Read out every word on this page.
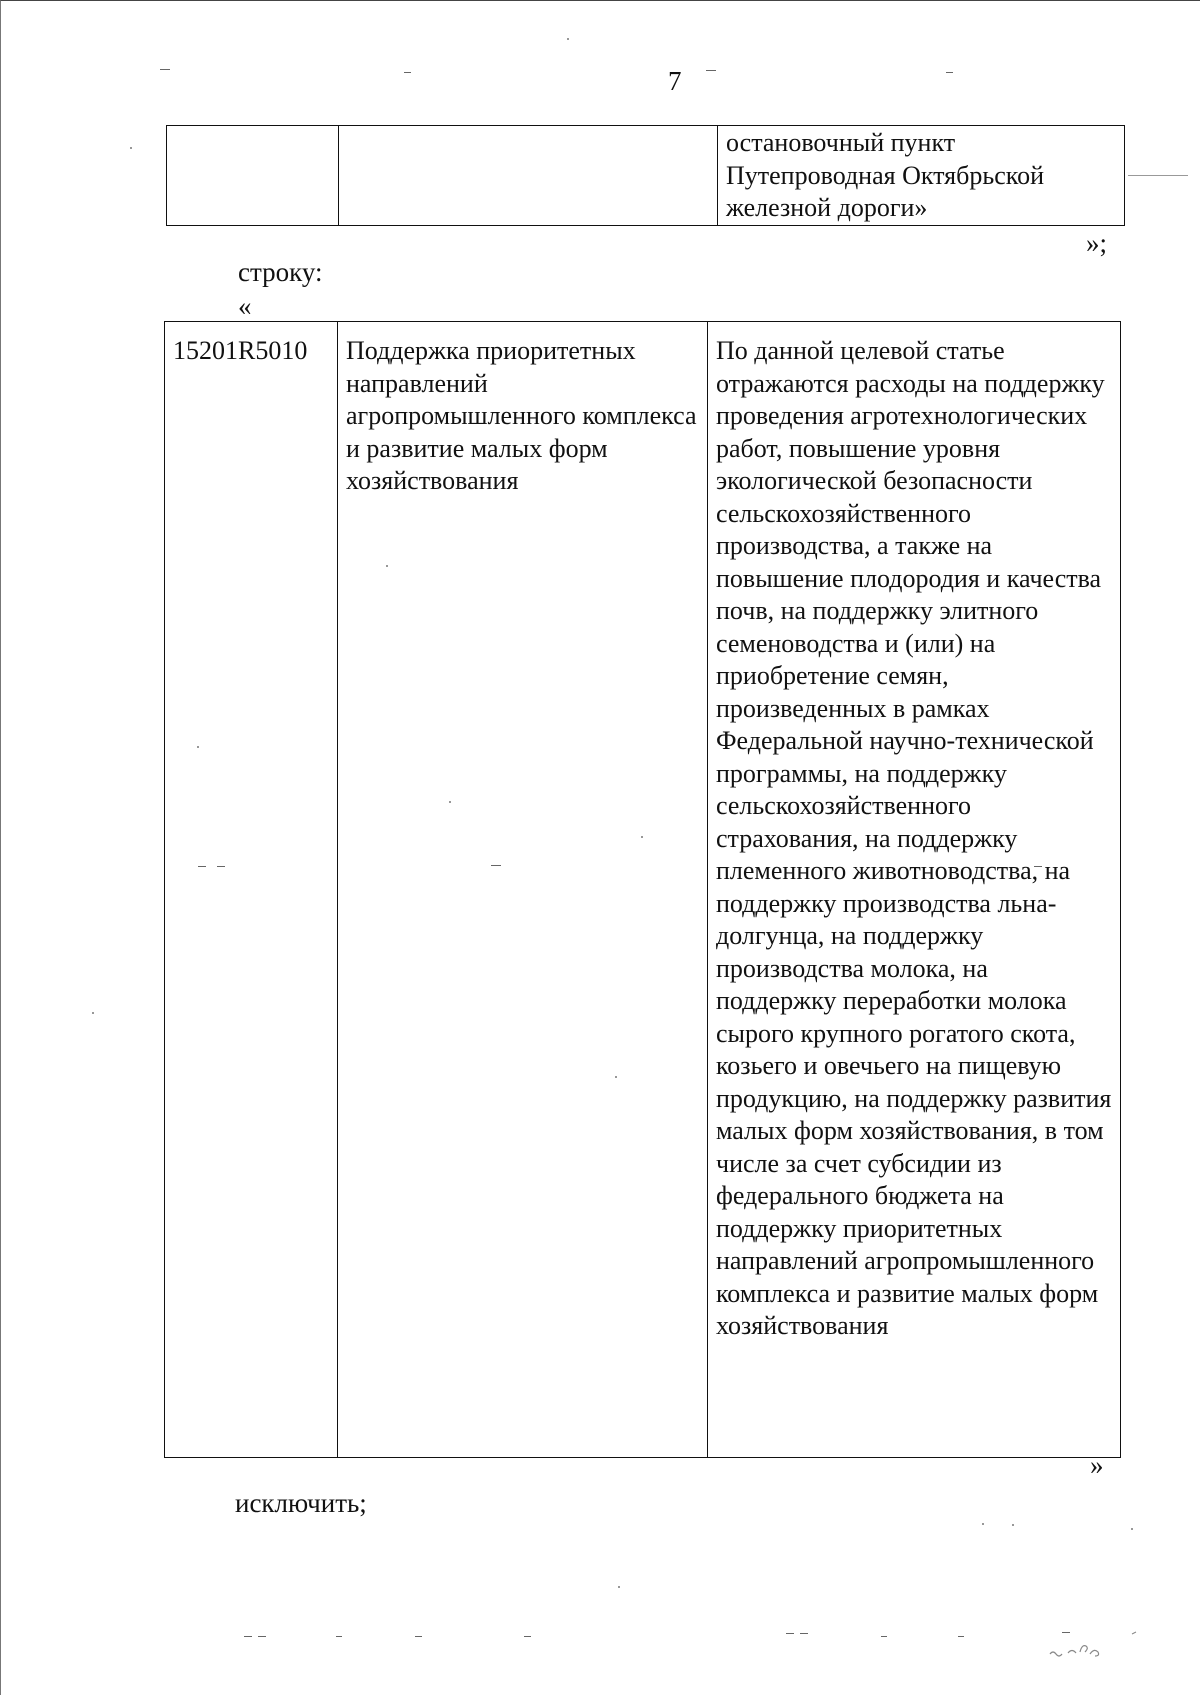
7
		остановочный пункт Путепроводная Октябрьской железной дороги»
»;
строку:
«
15201R5010	Поддержка приоритетных направлений агропромышленного комплекса и развитие малых форм хозяйствования	По данной целевой статье отражаются расходы на поддержку проведения агротехнологических работ, повышение уровня экологической безопасности сельскохозяйственного производства, а также на повышение плодородия и качества почв, на поддержку элитного семеноводства и (или) на приобретение семян, произведенных в рамках Федеральной научно-технической программы, на поддержку сельскохозяйственного страхования, на поддержку племенного животноводства, на поддержку производства льна-долгунца, на поддержку производства молока, на поддержку переработки молока сырого крупного рогатого скота, козьего и овечьего на пищевую продукцию, на поддержку развития малых форм хозяйствования, в том числе за счет субсидии из федерального бюджета на поддержку приоритетных направлений агропромышленного комплекса и развитие малых форм хозяйствования
»
исключить;
